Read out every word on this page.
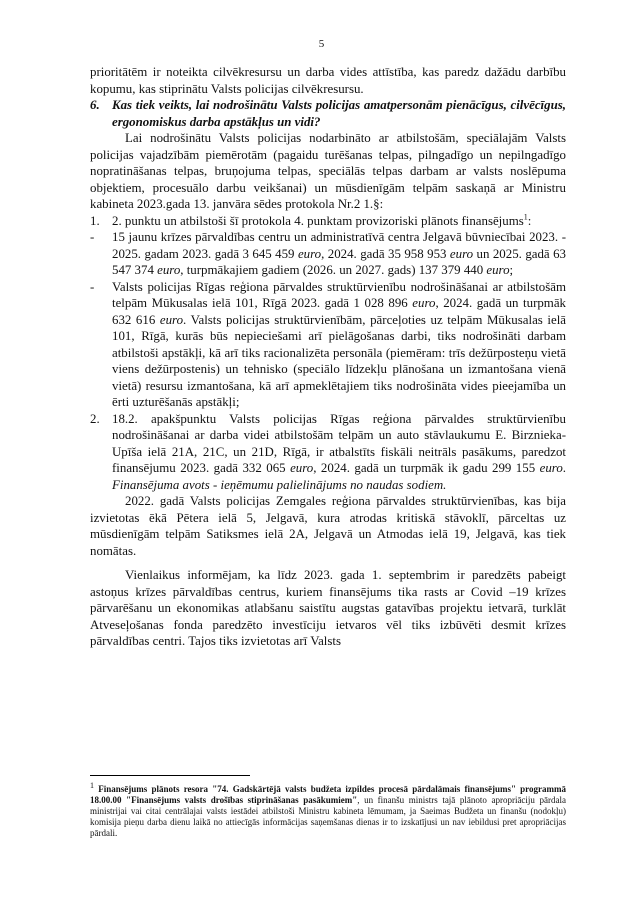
5

prioritātēm ir noteikta cilvēkresursu un darba vides attīstība, kas paredz dažādu darbību kopumu, kas stiprinātu Valsts policijas cilvēkresursu.

6. Kas tiek veikts, lai nodrošinātu Valsts policijas amatpersonām pienācīgus, cilvēcīgus, ergonomiskus darba apstākļus un vidi?

Lai nodrošinātu Valsts policijas nodarbināto ar atbilstošām, speciālajām Valsts policijas vajadzībām piemērotām (pagaidu turēšanas telpas, pilngadīgo un nepilngadīgo nopratināšanas telpas, bruņojuma telpas, speciālās telpas darbam ar valsts noslēpuma objektiem, procesuālo darbu veikšanai) un mūsdienīgām telpām saskaņā ar Ministru kabineta 2023.gada 13. janvāra sēdes protokola Nr.2 1.§:

1. 2. punktu un atbilstoši šī protokola 4. punktam provizoriski plānots finansējums$^1$:

- 15 jaunu krīzes pārvaldības centru un administratīvā centra Jelgavā būvniecībai 2023. - 2025. gadam 2023. gadā 3 645 459 euro, 2024. gadā 35 958 953 euro un 2025. gadā 63 547 374 euro, turpmākajiem gadiem (2026. un 2027. gads) 137 379 440 euro;

- Valsts policijas Rīgas reģiona pārvaldes struktūrvienību nodrošināšanai ar atbilstošām telpām Mūkusalas ielā 101, Rīgā 2023. gadā 1 028 896 euro, 2024. gadā un turpmāk 632 616 euro. Valsts policijas struktūrvienībām, pārceļoties uz telpām Mūkusalas ielā 101, Rīgā, kurās būs nepieciešami arī pielāgošanas darbi, tiks nodrošināti darbam atbilstoši apstākļi, kā arī tiks racionalizēta personāla (piemēram: trīs dežūrposteņu vietā viens dežūrpostenis) un tehnisko (speciālo līdzekļu plānošana un izmantošana vienā vietā) resursu izmantošana, kā arī apmeklētajiem tiks nodrošināta vides pieejamība un ērti uzturēšanās apstākļi;

2. 18.2. apakšpunktu Valsts policijas Rīgas reģiona pārvaldes struktūrvienību nodrošināšanai ar darba videi atbilstošām telpām un auto stāvlaukumu E. Birznieka-Upīša ielā 21A, 21C, un 21D, Rīgā, ir atbalstīts fiskāli neitrāls pasākums, paredzot finansējumu 2023. gadā 332 065 euro, 2024. gadā un turpmāk ik gadu 299 155 euro. Finansējuma avots - ieņēmumu palielinājums no naudas sodiem.

2022. gadā Valsts policijas Zemgales reģiona pārvaldes struktūrvienības, kas bija izvietotas ēkā Pētera ielā 5, Jelgavā, kura atrodas kritiskā stāvoklī, pārceltas uz mūsdienīgām telpām Satiksmes ielā 2A, Jelgavā un Atmodas ielā 19, Jelgavā, kas tiek nomātas.

Vienlaikus informējam, ka līdz 2023. gada 1. septembrim ir paredzēts pabeigt astoņus krīzes pārvaldības centrus, kuriem finansējums tika rasts ar Covid –19 krīzes pārvarēšanu un ekonomikas atlabšanu saistītu augstas gatavības projektu ietvarā, turklāt Atveseļošanas fonda paredzēto investīciju ietvaros vēl tiks izbūvēti desmit krīzes pārvaldības centri. Tajos tiks izvietotas arī Valsts

$^1$ Finansējums plānots resora "74. Gadskārtējā valsts budžeta izpildes procesā pārdalāmais finansējums" programmā 18.00.00 "Finansējums valsts drošības stiprināšanas pasākumiem", un finanšu ministrs tajā plānoto apropriāciju pārdala ministrijai vai citai centrālajai valsts iestādei atbilstoši Ministru kabineta lēmumam, ja Saeimas Budžeta un finanšu (nodokļu) komisija pieņu darba dienu laikā no attiecīgās informācijas saņemšanas dienas ir to izskatījusi un nav iebildusi pret apropriācijas pārdali.
